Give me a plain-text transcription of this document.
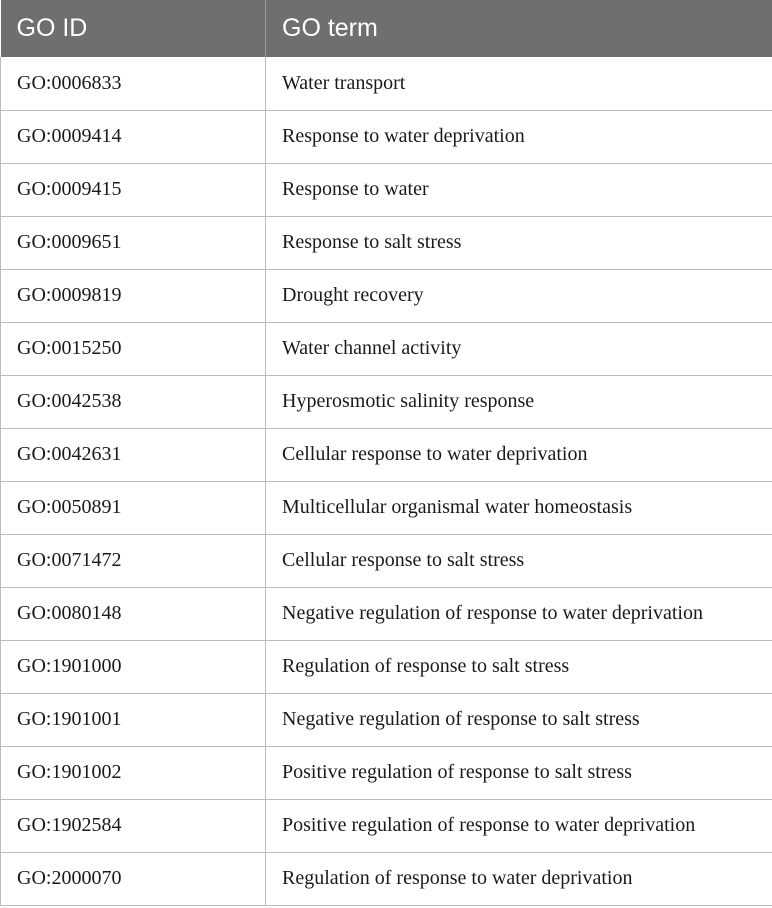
GO ID	GO term
GO:0006833	Water transport
GO:0009414	Response to water deprivation
GO:0009415	Response to water
GO:0009651	Response to salt stress
GO:0009819	Drought recovery
GO:0015250	Water channel activity
GO:0042538	Hyperosmotic salinity response
GO:0042631	Cellular response to water deprivation
GO:0050891	Multicellular organismal water homeostasis
GO:0071472	Cellular response to salt stress
GO:0080148	Negative regulation of response to water deprivation
GO:1901000	Regulation of response to salt stress
GO:1901001	Negative regulation of response to salt stress
GO:1901002	Positive regulation of response to salt stress
GO:1902584	Positive regulation of response to water deprivation
GO:2000070	Regulation of response to water deprivation
